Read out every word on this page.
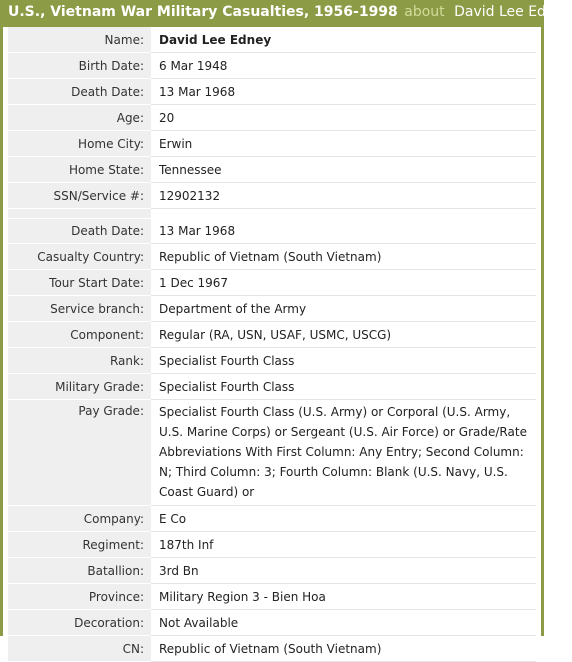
U.S., Vietnam War Military Casualties, 1956-1998 about David Lee Edney
Name:	David Lee Edney
Birth Date:	6 Mar 1948
Death Date:	13 Mar 1968
Age:	20
Home City:	Erwin
Home State:	Tennessee
SSN/Service #:	12902132

Death Date:	13 Mar 1968
Casualty Country:	Republic of Vietnam (South Vietnam)
Tour Start Date:	1 Dec 1967
Service branch:	Department of the Army
Component:	Regular (RA, USN, USAF, USMC, USCG)
Rank:	Specialist Fourth Class
Military Grade:	Specialist Fourth Class
Pay Grade:	Specialist Fourth Class (U.S. Army) or Corporal (U.S. Army, U.S. Marine Corps) or Sergeant (U.S. Air Force) or Grade/Rate Abbreviations With First Column: Any Entry; Second Column: N; Third Column: 3; Fourth Column: Blank (U.S. Navy, U.S. Coast Guard) or
Company:	E Co
Regiment:	187th Inf
Batallion:	3rd Bn
Province:	Military Region 3 - Bien Hoa
Decoration:	Not Available
CN:	Republic of Vietnam (South Vietnam)
